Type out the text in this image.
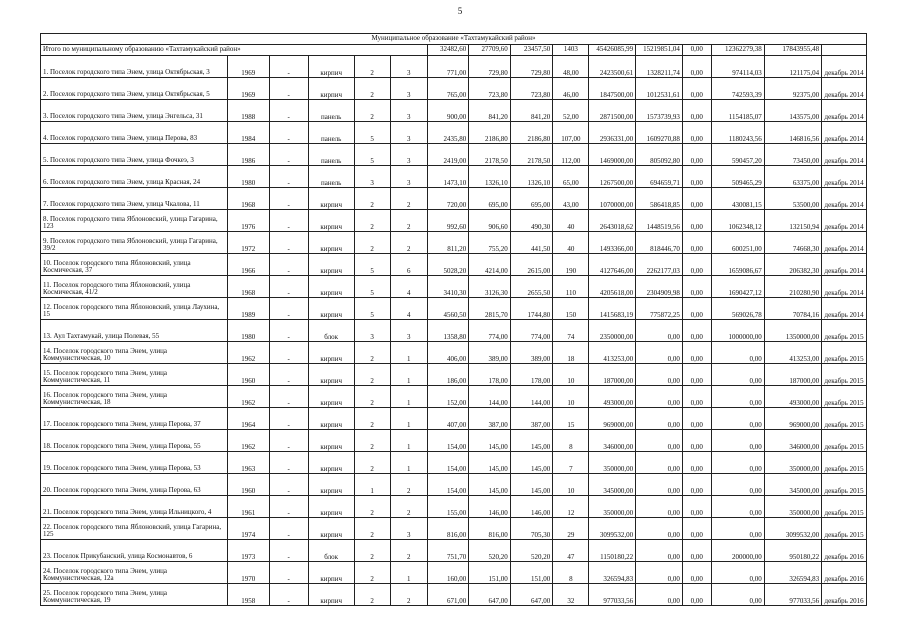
5
Муниципальное образование «Тахтамукайский район»															
Итого по муниципальному образованию «Тахтамукайский район»						32482,60	27709,60	23457,50	1403	45426085,99	15219851,04	0,00	12362279,38	17843955,48	
1. Поселок городского типа Энем, улица Октябрьская, 3	1969	-	кирпич	2	3	771,00	729,80	729,80	48,00	2423500,61	1328211,74	0,00	974114,03	121175,04	декабрь 2014
2. Поселок городского типа Энем, улица Октябрьская, 5	1969	-	кирпич	2	3	765,00	723,80	723,80	46,00	1847500,00	1012531,61	0,00	742593,39	92375,00	декабрь 2014
3. Поселок городского типа Энем, улица Энгельса, 31	1988	-	панель	2	3	900,00	841,20	841,20	52,00	2871500,00	1573739,93	0,00	1154185,07	143575,00	декабрь 2014
4. Поселок городского типа Энем, улица Перова, 83	1984	-	панель	5	3	2435,80	2186,80	2186,80	107,00	2936331,00	1609270,88	0,00	1180243,56	146816,56	декабрь 2014
5. Поселок городского типа Энем, улица Фочкеэ, 3	1986	-	панель	5	3	2419,00	2178,50	2178,50	112,00	1469000,00	805092,80	0,00	590457,20	73450,00	декабрь 2014
6. Поселок городского типа Энем, улица Красная, 24	1980	-	панель	3	3	1473,10	1326,10	1326,10	65,00	1267500,00	694659,71	0,00	509465,29	63375,00	декабрь 2014
7. Поселок городского типа Энем, улица Чкалова, 11	1968	-	кирпич	2	2	720,00	695,00	695,00	43,00	1070000,00	586418,85	0,00	430081,15	53500,00	декабрь 2014
8. Поселок городского типа Яблоновский, улица Гагарина, 123	1976	-	кирпич	2	2	992,60	906,60	490,30	40	2643018,62	1448519,56	0,00	1062348,12	132150,94	декабрь 2014
9. Поселок городского типа Яблоновский, улица Гагарина, 39/2	1972	-	кирпич	2	2	811,20	755,20	441,50	40	1493366,00	818446,70	0,00	600251,00	74668,30	декабрь 2014
10. Поселок городского типа Яблоновский, улица Космическая, 37	1966	-	кирпич	5	6	5028,20	4214,00	2615,00	190	4127646,00	2262177,03	0,00	1659086,67	206382,30	декабрь 2014
11. Поселок городского типа Яблоновский, улица Космическая, 41/2	1968	-	кирпич	5	4	3410,30	3126,30	2655,50	110	4205618,00	2304909,98	0,00	1690427,12	210280,90	декабрь 2014
12. Поселок городского типа Яблоновский, улица Лаухина, 15	1989	-	кирпич	5	4	4560,50	2815,70	1744,80	150	1415683,19	775872,25	0,00	569026,78	70784,16	декабрь 2014
13. Аул Тахтамукай, улица Полевая, 55	1980	-	блок	3	3	1358,80	774,00	774,00	74	2350000,00	0,00	0,00	1000000,00	1350000,00	декабрь 2015
14. Поселок городского типа Энем, улица Коммунистическая, 10	1962	-	кирпич	2	1	406,00	389,00	389,00	18	413253,00	0,00	0,00	0,00	413253,00	декабрь 2015
15. Поселок городского типа Энем, улица Коммунистическая, 11	1960	-	кирпич	2	1	186,00	178,00	178,00	10	187000,00	0,00	0,00	0,00	187000,00	декабрь 2015
16. Поселок городского типа Энем, улица Коммунистическая, 18	1962	-	кирпич	2	1	152,00	144,00	144,00	10	493000,00	0,00	0,00	0,00	493000,00	декабрь 2015
17. Поселок городского типа Энем, улица Перова, 37	1964	-	кирпич	2	1	407,00	387,00	387,00	15	969000,00	0,00	0,00	0,00	969000,00	декабрь 2015
18. Поселок городского типа Энем, улица Перова, 55	1962	-	кирпич	2	1	154,00	145,00	145,00	8	346000,00	0,00	0,00	0,00	346000,00	декабрь 2015
19. Поселок городского типа Энем, улица Перова, 53	1963	-	кирпич	2	1	154,00	145,00	145,00	7	350000,00	0,00	0,00	0,00	350000,00	декабрь 2015
20. Поселок городского типа Энем, улица Перова, 63	1960	-	кирпич	1	2	154,00	145,00	145,00	10	345000,00	0,00	0,00	0,00	345000,00	декабрь 2015
21. Поселок городского типа Энем, улица Ильницкого, 4	1961	-	кирпич	2	2	155,00	146,00	146,00	12	350000,00	0,00	0,00	0,00	350000,00	декабрь 2015
22. Поселок городского типа Яблоновский, улица Гагарина, 125	1974	-	кирпич	2	3	816,00	816,00	705,30	29	3099532,00	0,00	0,00	0,00	3099532,00	декабрь 2015
23. Поселок Прикубанский, улица Космонавтов, 6	1973	-	блок	2	2	751,70	520,20	520,20	47	1150180,22	0,00	0,00	200000,00	950180,22	декабрь 2016
24. Поселок городского типа Энем, улица Коммунистическая, 12а	1970	-	кирпич	2	1	160,00	151,00	151,00	8	326594,83	0,00	0,00	0,00	326594,83	декабрь 2016
25. Поселок городского типа Энем, улица Коммунистическая, 19	1958	-	кирпич	2	2	671,00	647,00	647,00	32	977033,56	0,00	0,00	0,00	977033,56	декабрь 2016
